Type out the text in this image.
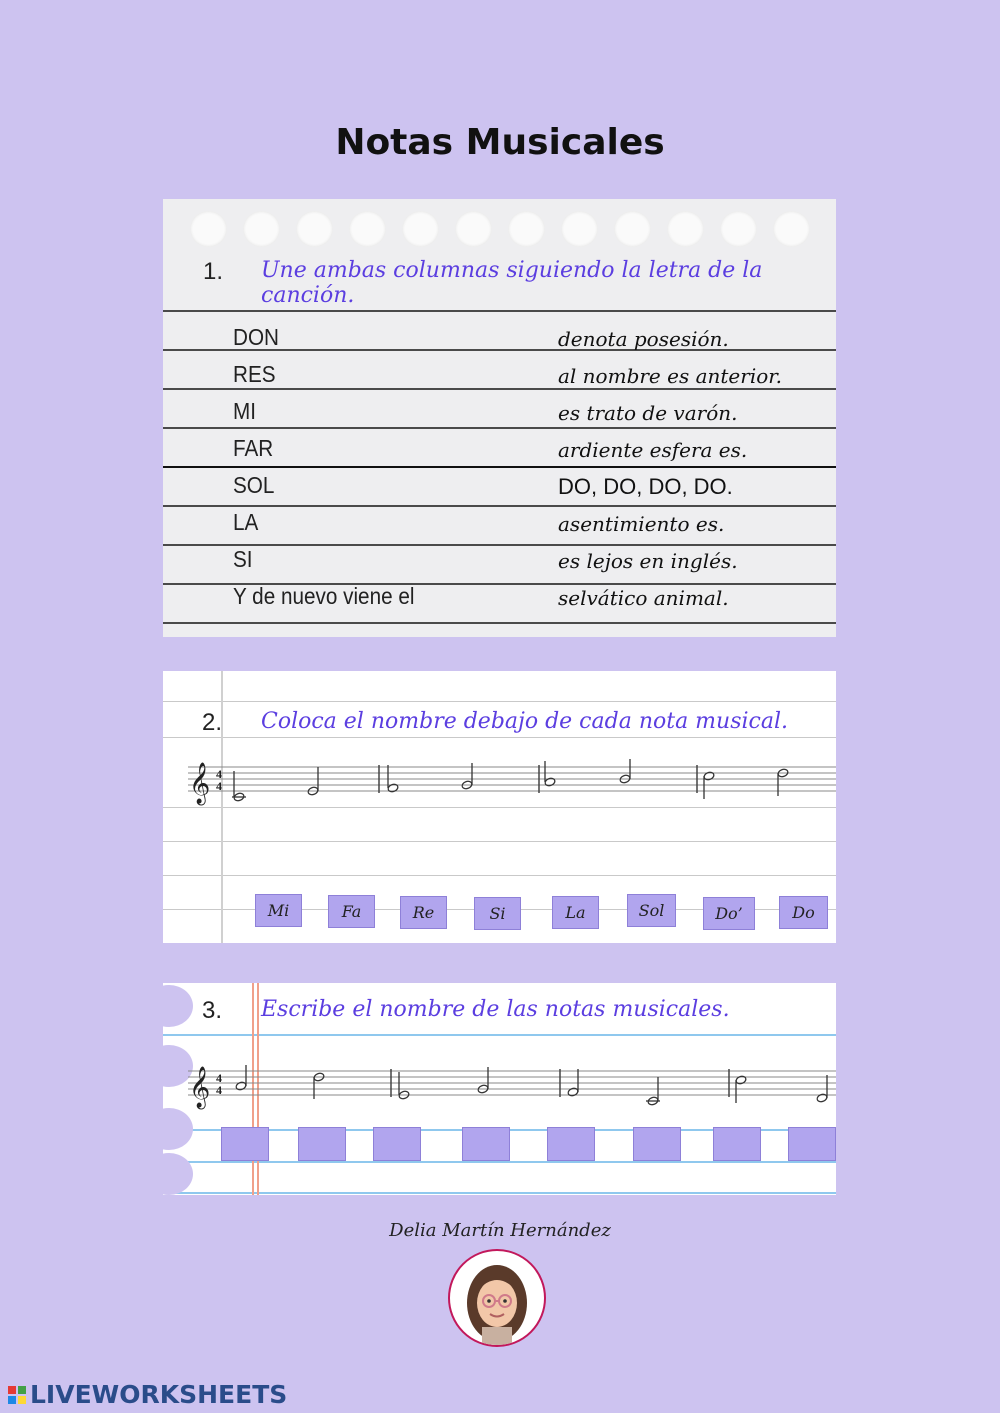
Notas Musicales
1. Une ambas columnas siguiendo la letra de la canción.
DON	denota posesión.
RES	al nombre es anterior.
MI	es trato de varón.
FAR	ardiente esfera es.
SOL	DO, DO, DO, DO.
LA	asentimiento es.
SI	es lejos en inglés.
Y de nuevo viene el	selvático animal.
2. Coloca el nombre debajo de cada nota musical.
𝄞 4
4
Mi	Fa	Re	Si	La	Sol	Do’	Do
3. Escribe el nombre de las notas musicales.
𝄞 4
4
Delia Martín Hernández
LIVEWORKSHEETS
